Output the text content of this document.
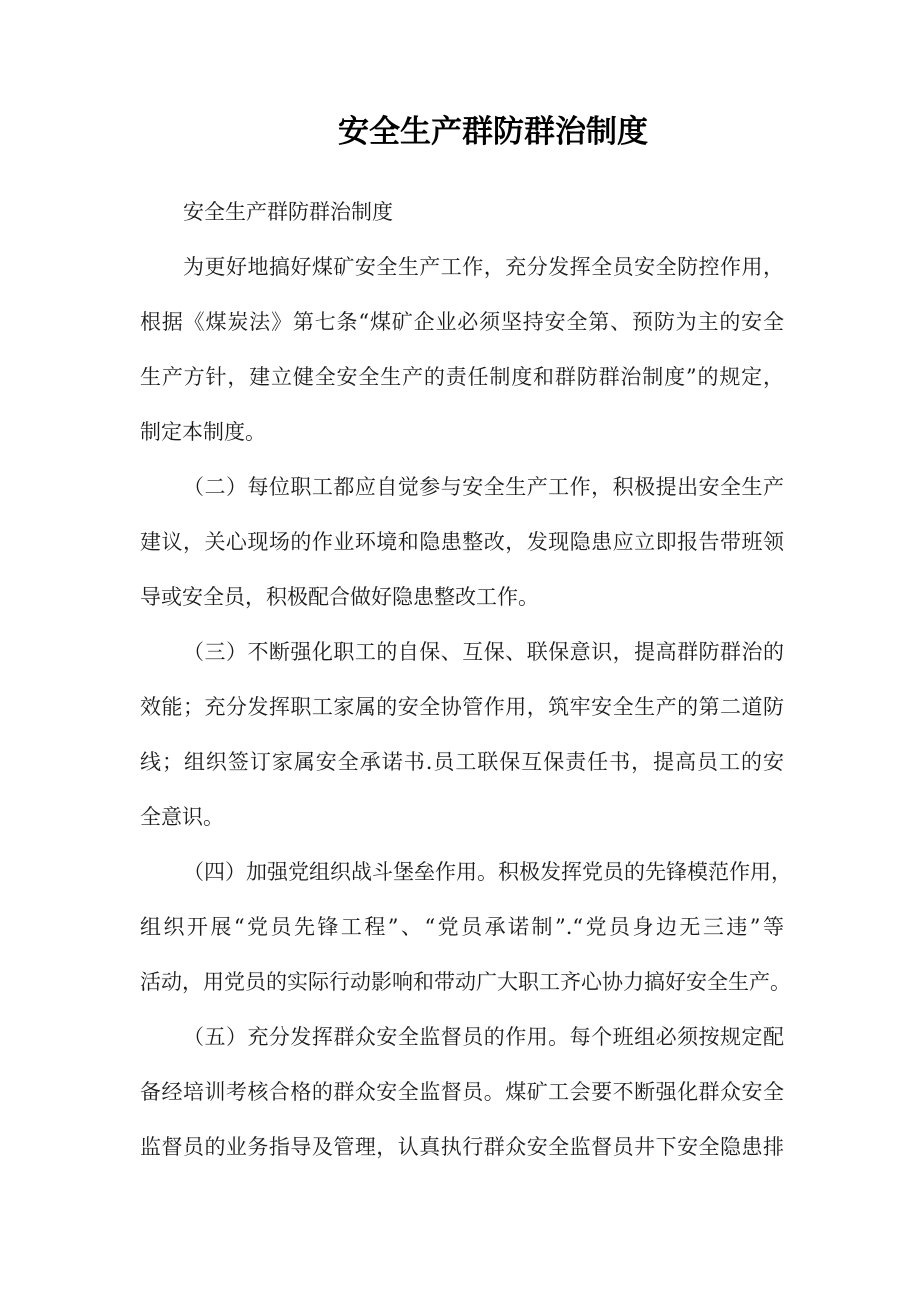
安全生产群防群治制度
安全生产群防群治制度
为更好地搞好煤矿安全生产工作，充分发挥全员安全防控作用，
根据《煤炭法》第七条“煤矿企业必须坚持安全第、预防为主的安全
生产方针，建立健全安全生产的责任制度和群防群治制度”的规定，
制定本制度。
（二）每位职工都应自觉参与安全生产工作，积极提出安全生产
建议，关心现场的作业环境和隐患整改，发现隐患应立即报告带班领
导或安全员，积极配合做好隐患整改工作。
（三）不断强化职工的自保、互保、联保意识，提高群防群治的
效能；充分发挥职工家属的安全协管作用，筑牢安全生产的第二道防
线；组织签订家属安全承诺书.员工联保互保责任书，提高员工的安
全意识。
（四）加强党组织战斗堡垒作用。积极发挥党员的先锋模范作用，
组织开展“党员先锋工程”、“党员承诺制”.“党员身边无三违”等
活动，用党员的实际行动影响和带动广大职工齐心协力搞好安全生产。
（五）充分发挥群众安全监督员的作用。每个班组必须按规定配
备经培训考核合格的群众安全监督员。煤矿工会要不断强化群众安全
监督员的业务指导及管理，认真执行群众安全监督员井下安全隐患排
